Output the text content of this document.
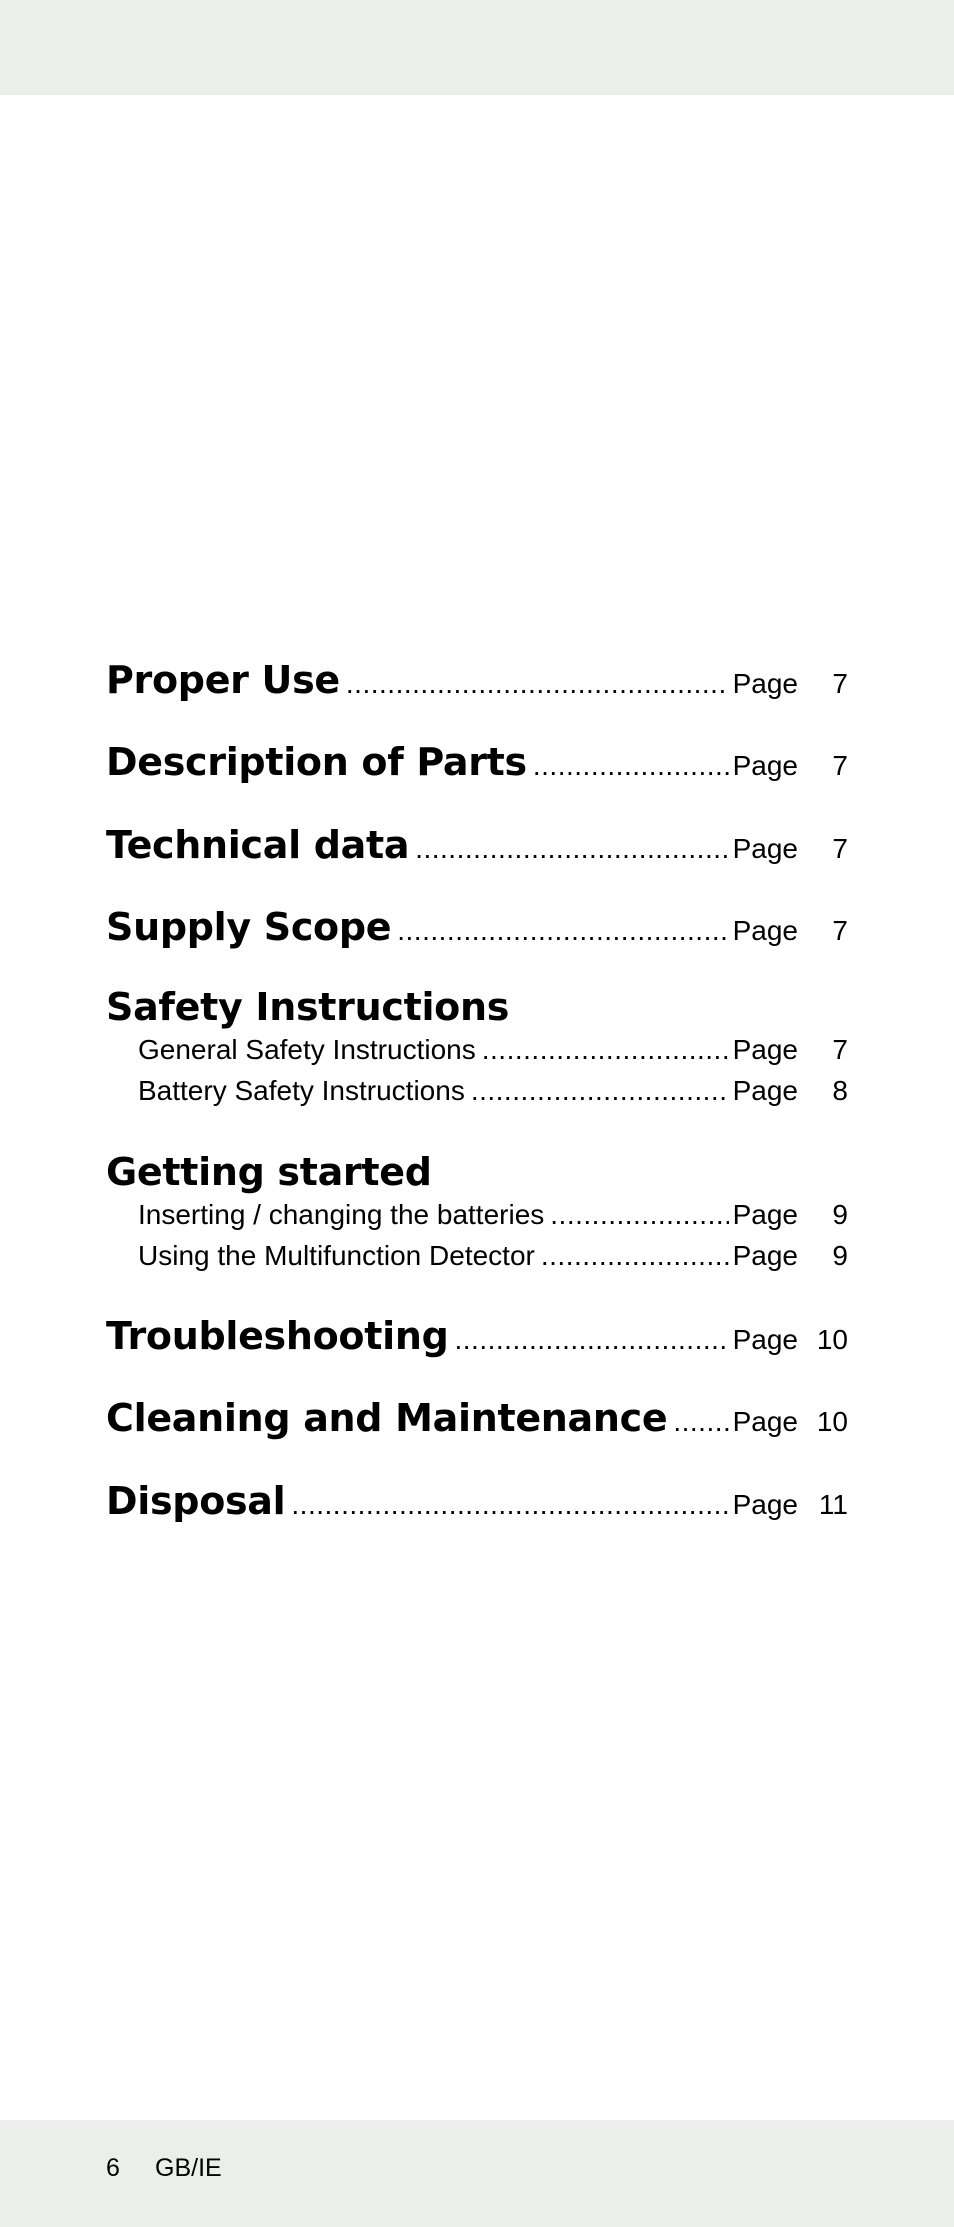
Proper Use .....	Page	7
Description of Parts .....	Page	7
Technical data .....	Page	7
Supply Scope .....	Page	7
Safety Instructions
General Safety Instructions .....	Page	7
Battery Safety Instructions .....	Page	8
Getting started
Inserting / changing the batteries .....	Page	9
Using the Multifunction Detector .....	Page	9
Troubleshooting .....	Page 10
Cleaning and Maintenance ..... Page 10
Disposal .....	Page 11
6 GB/IE
